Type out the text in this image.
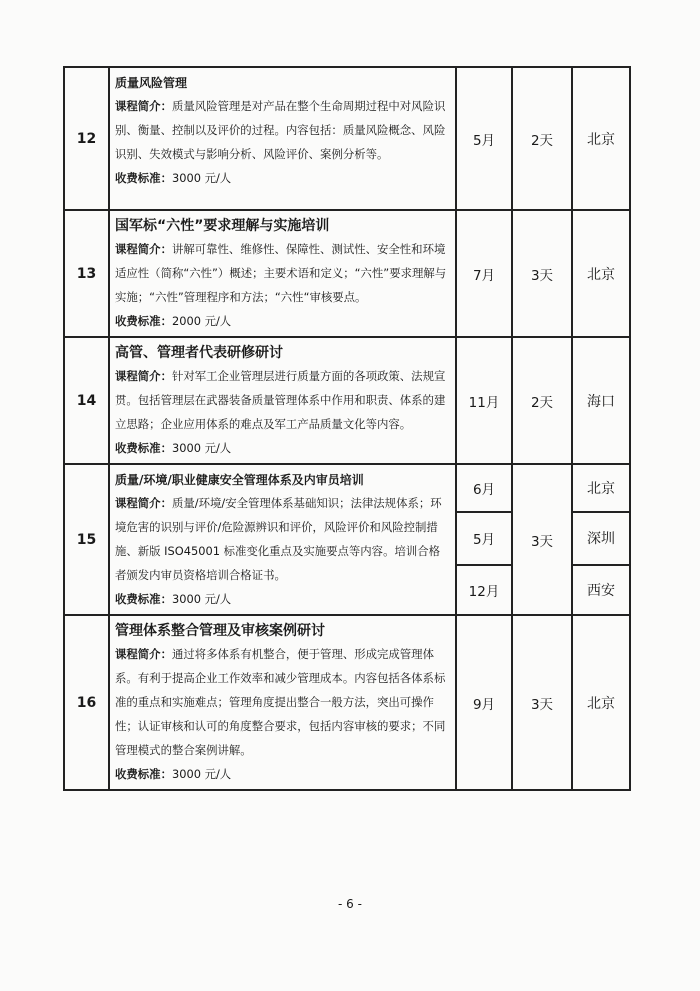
12	质量风险管理
课程简介：质量风险管理是对产品在整个生命周期过程中对风险识别、衡量、控制以及评价的过程。内容包括：质量风险概念、风险识别、失效模式与影响分析、风险评价、案例分析等。
收费标准：3000 元/人	5月	2天	北京
13	国军标“六性”要求理解与实施培训
课程简介：讲解可靠性、维修性、保障性、测试性、安全性和环境适应性（简称“六性”）概述；主要术语和定义；“六性”要求理解与实施；“六性”管理程序和方法；“六性“审核要点。
收费标准：2000 元/人	7月	3天	北京
14	高管、管理者代表研修研讨
课程简介：针对军工企业管理层进行质量方面的各项政策、法规宣贯。包括管理层在武器装备质量管理体系中作用和职责、体系的建立思路；企业应用体系的难点及军工产品质量文化等内容。
收费标准：3000 元/人	11月	2天	海口
15	质量/环境/职业健康安全管理体系及内审员培训
课程简介：质量/环境/安全管理体系基础知识；法律法规体系；环境危害的识别与评价/危险源辨识和评价，风险评价和风险控制措施、新版 ISO45001 标准变化重点及实施要点等内容。培训合格者颁发内审员资格培训合格证书。
收费标准：3000 元/人	6月	3天	北京
		5月		深圳
		12月		西安
16	管理体系整合管理及审核案例研讨
课程简介：通过将多体系有机整合，便于管理、形成完成管理体系。有利于提高企业工作效率和减少管理成本。内容包括各体系标准的重点和实施难点；管理角度提出整合一般方法，突出可操作性；认证审核和认可的角度整合要求，包括内容审核的要求；不同管理模式的整合案例讲解。
收费标准：3000 元/人	9月	3天	北京
- 6 -
